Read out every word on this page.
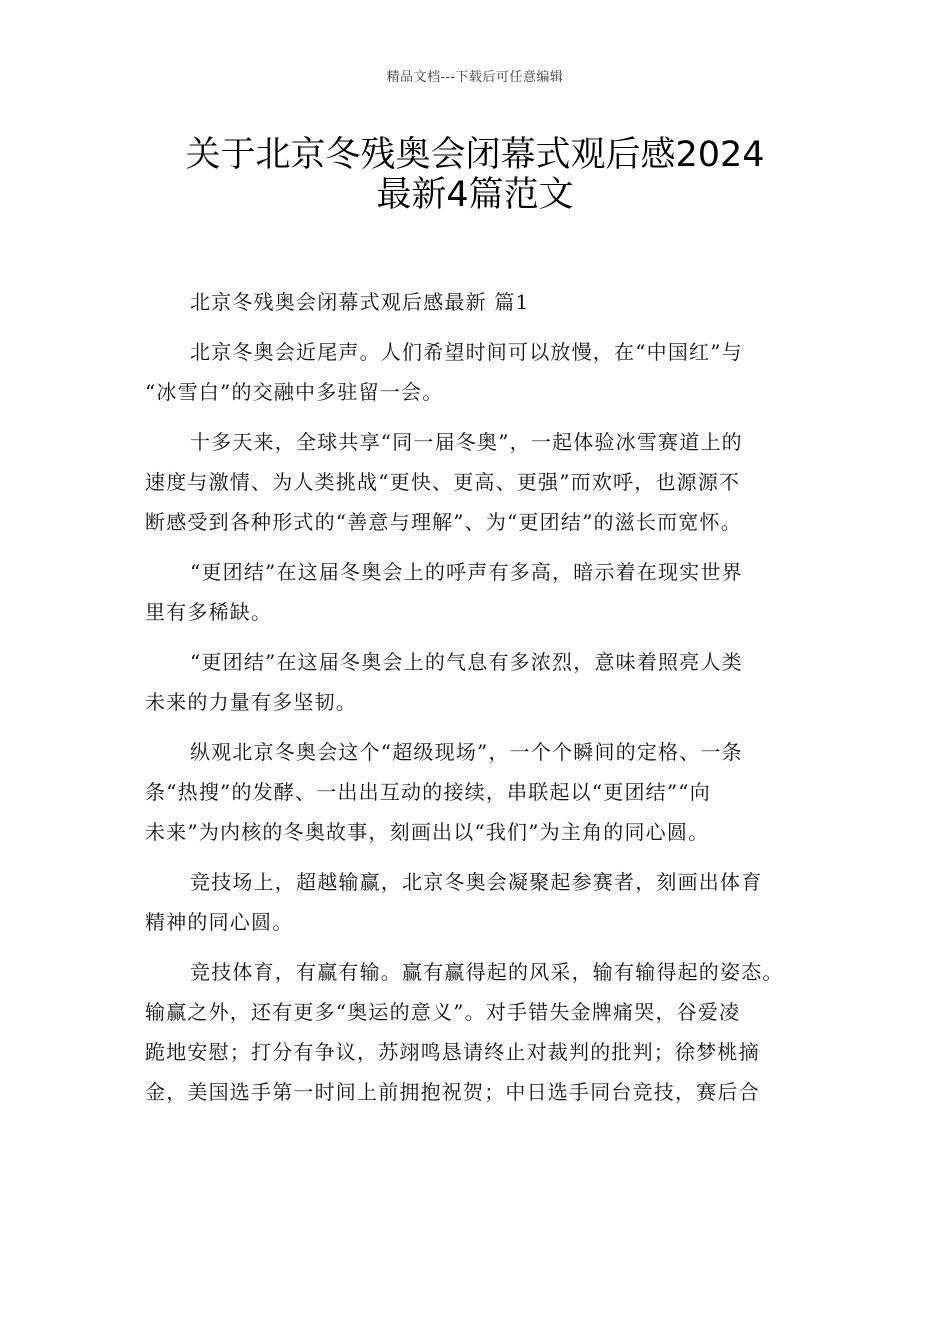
精品文档---下载后可任意编辑
关于北京冬残奥会闭幕式观后感2024
最新4篇范文
北京冬残奥会闭幕式观后感最新 篇1
北京冬奥会近尾声。人们希望时间可以放慢，在“中国红”与
“冰雪白”的交融中多驻留一会。
十多天来，全球共享“同一届冬奥”，一起体验冰雪赛道上的
速度与激情、为人类挑战“更快、更高、更强”而欢呼，也源源不
断感受到各种形式的“善意与理解”、为“更团结”的滋长而宽怀。
“更团结”在这届冬奥会上的呼声有多高，暗示着在现实世界
里有多稀缺。
“更团结”在这届冬奥会上的气息有多浓烈，意味着照亮人类
未来的力量有多坚韧。
纵观北京冬奥会这个“超级现场”，一个个瞬间的定格、一条
条“热搜”的发酵、一出出互动的接续，串联起以“更团结”“向
未来”为内核的冬奥故事，刻画出以“我们”为主角的同心圆。
竞技场上，超越输赢，北京冬奥会凝聚起参赛者，刻画出体育
精神的同心圆。
竞技体育，有赢有输。赢有赢得起的风采，输有输得起的姿态。
输赢之外，还有更多“奥运的意义”。对手错失金牌痛哭，谷爱凌
跪地安慰；打分有争议，苏翊鸣恳请终止对裁判的批判；徐梦桃摘
金，美国选手第一时间上前拥抱祝贺；中日选手同台竞技，赛后合
